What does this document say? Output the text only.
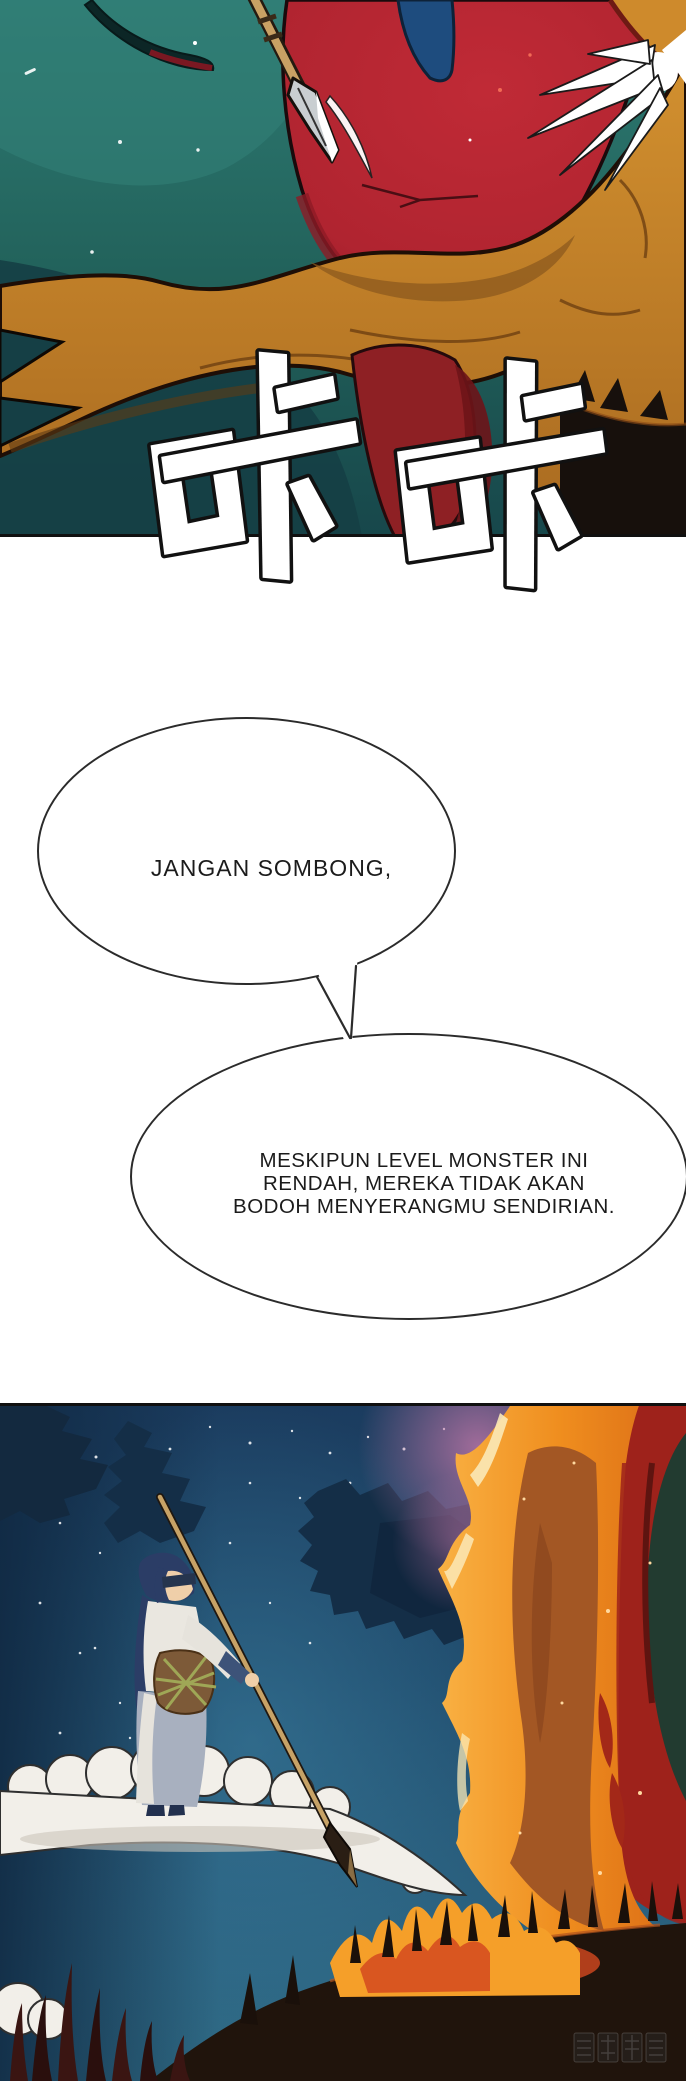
JANGAN SOMBONG,
MESKIPUN LEVEL MONSTER INI
RENDAH, MEREKA TIDAK AKAN
BODOH MENYERANGMU SENDIRIAN.
